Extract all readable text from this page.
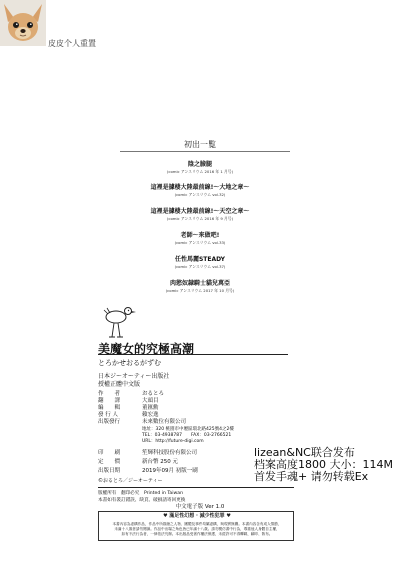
皮皮个人重置
初出一覧
陰之臉腿
(comic アンスリウム 2016 年 1 月号)
這裡是據棲大陸最前線!～大地之章～
(comic アンスリウム vol.32)
這裡是據棲大陸最前線!～天空之章～
(comic アンスリウム 2016 年 9 月号)
老師～來做吧!
(comic アンスリウム vol.33)
任性馬麗STEADY
(comic アンスリウム vol.37)
肉慾奴隸騎士貓兒萬亞
(comic アンスリウム 2017 年 10 月号)
美魔女的究極高潮
とろかせおるがずむ
日本ジーオーティー出版社
授權正體中文版
作　　者	おるとろ
翻　　譯	大頭目
編　　輯	董匯勳
發 行 人	賴宏逸
出版發行	未來數位有限公司
地址：320 桃園市中壢區環北路425號4之2樓
TEL：03-4938787　　FAX：03-2766521
URL：http://future-digi.com
印　　刷	笙輝科技股份有限公司
定　　價	新台幣 250 元
出版日期	2019年09月 初版一刷
lizean&NC联合发布
档案高度1800 大小：114M
首发手魂+ 请勿转载Ex
©おるとろ／ジーオーティー
版權所有　翻印必究　Printed in Taiwan
本書如有裝訂錯誤、缺頁、破損請寄回更換
中文電子版 Ver 1.0
♥ 滿足性幻想 · 減少性犯罪 ♥
本書內容為虛構作品，作品中所描繪之人物、團體及事件均屬虛構，與現實無關。本書內容含有成人情節，
未滿十八歲者請勿閱讀。作品中出場之角色皆已年滿十八歲。請勿模仿書中行為，尊重他人身體自主權，
如有不法行為者，一律依法究辦。本出版品受著作權法保護，未經許可不得轉載、翻印、散布。
